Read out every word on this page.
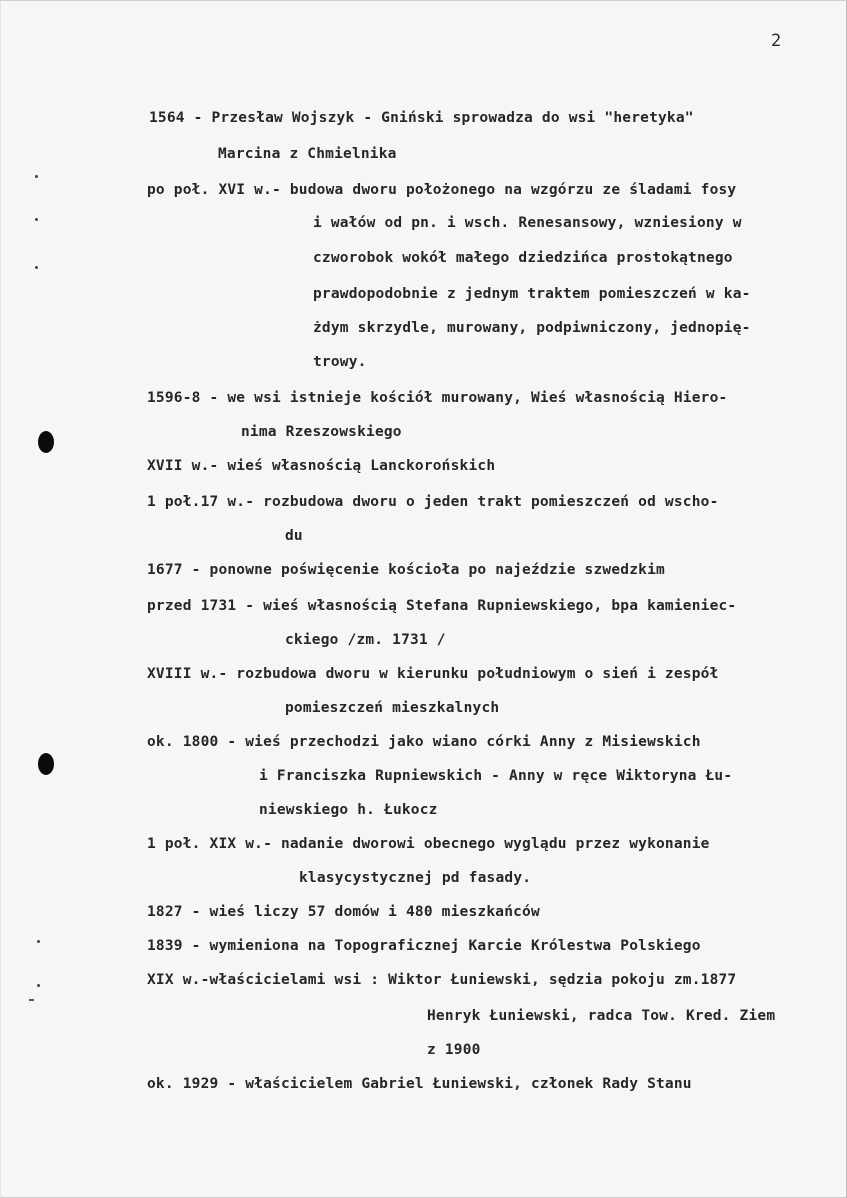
2
1564 - Przesław Wojszyk - Gniński sprowadza do wsi "heretyka"
Marcina z Chmielnika
po poł. XVI w.- budowa dworu położonego na wzgórzu ze śladami fosy
i wałów od pn. i wsch. Renesansowy, wzniesiony w
czworobok wokół małego dziedzińca prostokątnego
prawdopodobnie z jednym traktem pomieszczeń w ka-
żdym skrzydle, murowany, podpiwniczony, jednopię-
trowy.
1596-8 - we wsi istnieje kościół murowany, Wieś własnością Hiero-
nima Rzeszowskiego
XVII w.- wieś własnością Lanckorońskich
1 poł.17 w.- rozbudowa dworu o jeden trakt pomieszczeń od wscho-
du
1677 - ponowne poświęcenie kościoła po najeździe szwedzkim
przed 1731 - wieś własnością Stefana Rupniewskiego, bpa kamieniec-
ckiego /zm. 1731 /
XVIII w.- rozbudowa dworu w kierunku południowym o sień i zespół
pomieszczeń mieszkalnych
ok. 1800 - wieś przechodzi jako wiano córki Anny z Misiewskich
i Franciszka Rupniewskich - Anny w ręce Wiktoryna Łu-
niewskiego h. Łukocz
1 poł. XIX w.- nadanie dworowi obecnego wyglądu przez wykonanie
klasycystycznej pd fasady.
1827 - wieś liczy 57 domów i 480 mieszkańców
1839 - wymieniona na Topograficznej Karcie Królestwa Polskiego
XIX w.-właścicielami wsi : Wiktor Łuniewski, sędzia pokoju zm.1877
Henryk Łuniewski, radca Tow. Kred. Ziem
z 1900
ok. 1929 - właścicielem Gabriel Łuniewski, członek Rady Stanu
